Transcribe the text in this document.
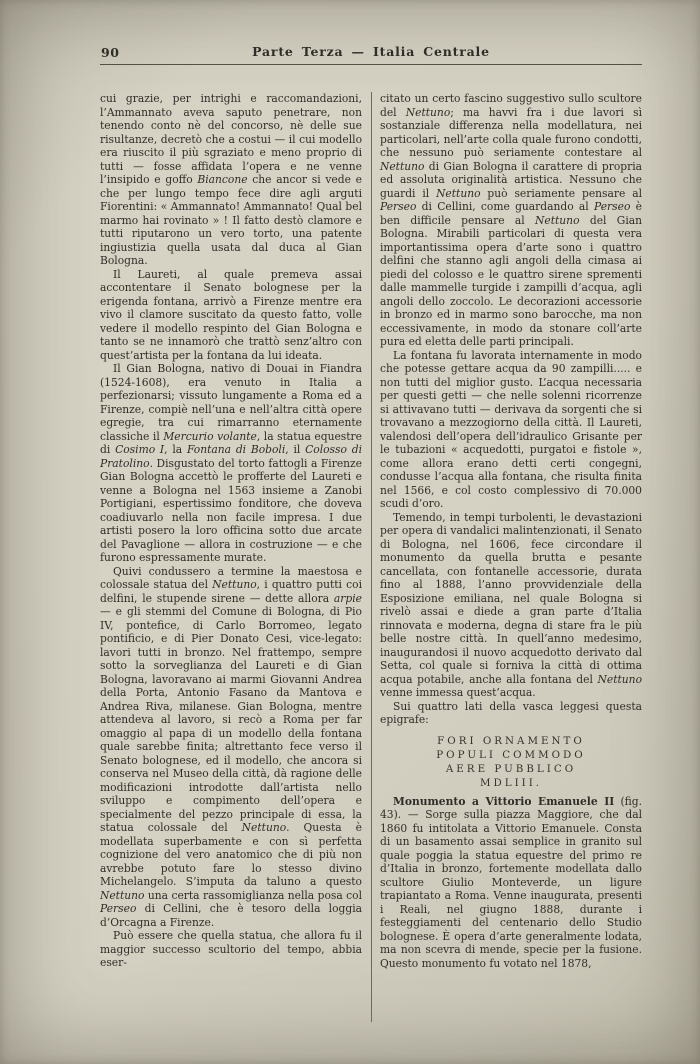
90	Parte Terza — Italia Centrale

cui grazie, per intrighi e raccomandazioni, l’Ammannato aveva saputo penetrare, non tenendo conto nè del concorso, nè delle sue risultanze, decretò che a costui — il cui modello era riuscito il più sgraziato e meno proprio di tutti — fosse affidata l’opera e ne venne l’insipido e goffo Biancone che ancor si vede e che per lungo tempo fece dire agli arguti Fiorentini: « Ammannato! Ammannato! Qual bel marmo hai rovinato » ! Il fatto destò clamore e tutti riputarono un vero torto, una patente ingiustizia quella usata dal duca al Gian Bologna.

Il Laureti, al quale premeva assai accontentare il Senato bolognese per la erigenda fontana, arrivò a Firenze mentre era vivo il clamore suscitato da questo fatto, volle vedere il modello respinto del Gian Bologna e tanto se ne innamorò che trattò senz’altro con quest’artista per la fontana da lui ideata.

Il Gian Bologna, nativo di Douai in Fiandra (1524-1608), era venuto in Italia a perfezionarsi; vissuto lungamente a Roma ed a Firenze, compiè nell’una e nell’altra città opere egregie, tra cui rimarranno eternamente classiche il Mercurio volante, la statua equestre di Cosimo I, la Fontana di Boboli, il Colosso di Pratolino. Disgustato del torto fattogli a Firenze Gian Bologna accettò le profferte del Laureti e venne a Bologna nel 1563 insieme a Zanobi Portigiani, espertissimo fonditore, che doveva coadiuvarlo nella non facile impresa. I due artisti posero la loro officina sotto due arcate del Pavaglione — allora in costruzione — e che furono espressamente murate.

Quivi condussero a termine la maestosa e colossale statua del Nettuno, i quattro putti coi delfini, le stupende sirene — dette allora arpie — e gli stemmi del Comune di Bologna, di Pio IV, pontefice, di Carlo Borromeo, legato pontificio, e di Pier Donato Cesi, vice-legato: lavori tutti in bronzo. Nel frattempo, sempre sotto la sorveglianza del Laureti e di Gian Bologna, lavoravano ai marmi Giovanni Andrea della Porta, Antonio Fasano da Mantova e Andrea Riva, milanese. Gian Bologna, mentre attendeva al lavoro, si recò a Roma per far omaggio al papa di un modello della fontana quale sarebbe finita; altrettanto fece verso il Senato bolognese, ed il modello, che ancora si conserva nel Museo della città, dà ragione delle modificazioni introdotte dall’artista nello sviluppo e compimento dell’opera e specialmente del pezzo principale di essa, la statua colossale del Nettuno. Questa è modellata superbamente e con sì perfetta cognizione del vero anatomico che di più non avrebbe potuto fare lo stesso divino Michelangelo. S’imputa da taluno a questo Nettuno una certa rassomiglianza nella posa col Perseo di Cellini, che è tesoro della loggia d’Orcagna a Firenze.

Può essere che quella statua, che allora fu il maggior successo scultorio del tempo, abbia eser-

citato un certo fascino suggestivo sullo scultore del Nettuno; ma havvi fra i due lavori sì sostanziale differenza nella modellatura, nei particolari, nell’arte colla quale furono condotti, che nessuno può seriamente contestare al Nettuno di Gian Bologna il carattere di propria ed assoluta originalità artistica. Nessuno che guardi il Nettuno può seriamente pensare al Perseo di Cellini, come guardando al Perseo è ben difficile pensare al Nettuno del Gian Bologna. Mirabili particolari di questa vera importantissima opera d’arte sono i quattro delfini che stanno agli angoli della cimasa ai piedi del colosso e le quattro sirene sprementi dalle mammelle turgide i zampilli d’acqua, agli angoli dello zoccolo. Le decorazioni accessorie in bronzo ed in marmo sono barocche, ma non eccessivamente, in modo da stonare coll’arte pura ed eletta delle parti principali.

La fontana fu lavorata internamente in modo che potesse gettare acqua da 90 zampilli..... e non tutti del miglior gusto. L’acqua necessaria per questi getti — che nelle solenni ricorrenze si attivavano tutti — derivava da sorgenti che si trovavano a mezzogiorno della città. Il Laureti, valendosi dell’opera dell’idraulico Grisante per le tubazioni « acquedotti, purgatoi e fistole », come allora erano detti certi congegni, condusse l’acqua alla fontana, che risulta finita nel 1566, e col costo complessivo di 70.000 scudi d’oro.

Temendo, in tempi turbolenti, le devastazioni per opera di vandalici malintenzionati, il Senato di Bologna, nel 1606, fece circondare il monumento da quella brutta e pesante cancellata, con fontanelle accessorie, durata fino al 1888, l’anno provvidenziale della Esposizione emiliana, nel quale Bologna si rivelò assai e diede a gran parte d’Italia rinnovata e moderna, degna di stare fra le più belle nostre città. In quell’anno medesimo, inaugurandosi il nuovo acquedotto derivato dal Setta, col quale si forniva la città di ottima acqua potabile, anche alla fontana del Nettuno venne immessa quest’acqua.

Sui quattro lati della vasca leggesi questa epigrafe:

FORI ORNAMENTO
POPULI COMMODO
AERE PUBBLICO
MDLIII.

Monumento a Vittorio Emanuele II (fig. 43). — Sorge sulla piazza Maggiore, che dal 1860 fu intitolata a Vittorio Emanuele. Consta di un basamento assai semplice in granito sul quale poggia la statua equestre del primo re d’Italia in bronzo, fortemente modellata dallo scultore Giulio Monteverde, un ligure trapiantato a Roma. Venne inaugurata, presenti i Reali, nel giugno 1888, durante i festeggiamenti del centenario dello Studio bolognese. È opera d’arte generalmente lodata, ma non scevra di mende, specie per la fusione. Questo monumento fu votato nel 1878,
